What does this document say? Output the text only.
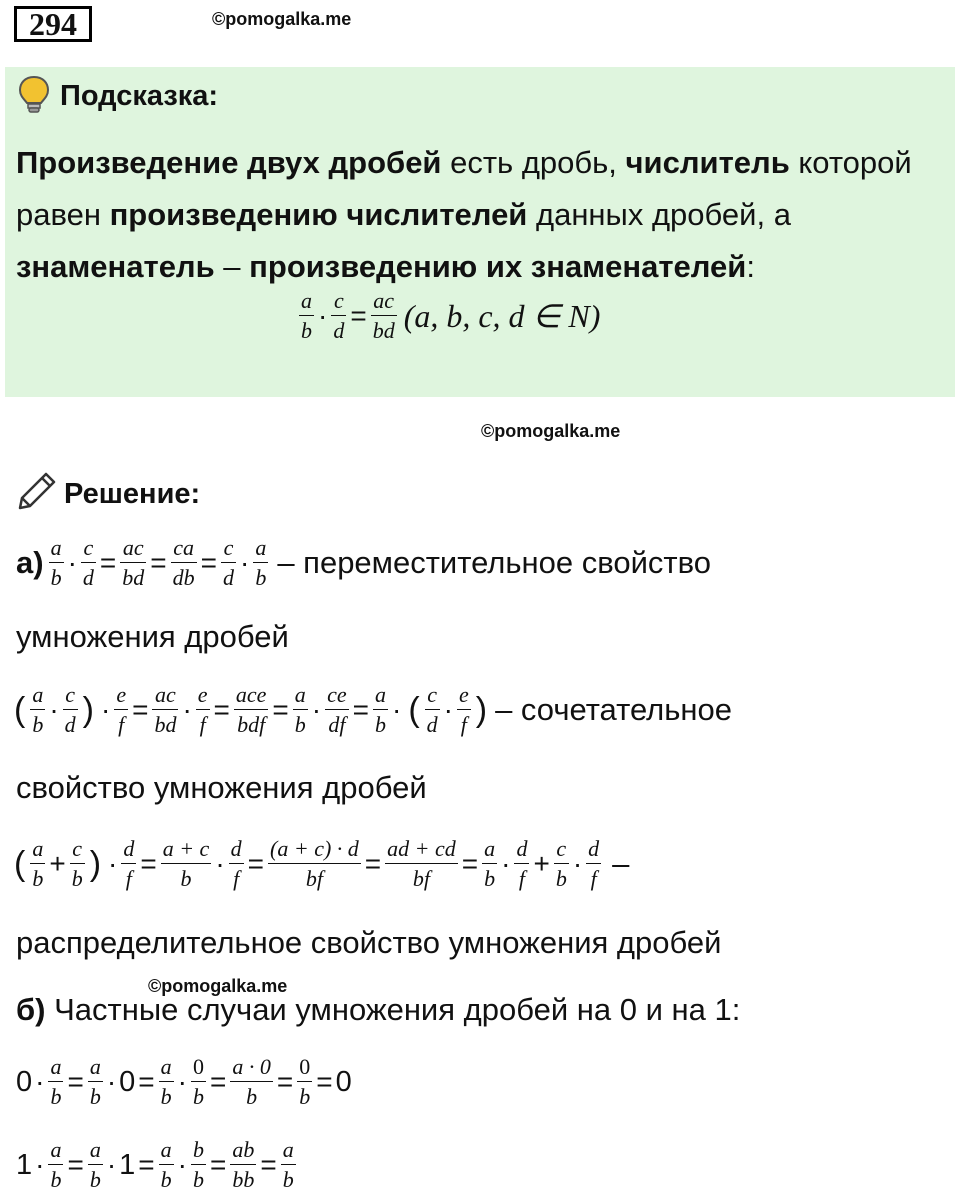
294	©pomogalka.me
Подсказка:
Произведение двух дробей есть дробь, числитель которой
равен произведению числителей данных дробей, а
знаменатель – произведению их знаменателей:
a
$b \cdot \frac{c}{d} = \frac{ac}{bd} (a$, b, c, d ∈ N)
©pomogalka.me
Решение:
а) a
$b \cdot \frac{c}{d} = \frac{ac}{bd} = \frac{ca}{db} = \frac{c}{d} \cdot a$
b – переместительное свойство
умножения дробей
( a
b · c
d ) · $\frac{e}{f} = \frac{ac}{bd} \cdot \frac{e}{f}$ = ace
bdf = $\frac{a}{b} \cdot \frac{ce}{df} = \frac{a}{b}$ · ( c
d · e
f ) – сочетательное
свойство умножения дробей
( a
$b + \frac{c}{b}$ ) · $\frac{d}{f} = \frac{a + c}{b} \cdot \frac{d}{f} = \frac{(a + c) \cdot d}{bf} = \frac{ad + cd}{bf} = \frac{a}{b} \cdot d$
$f + \frac{c}{b} \cdot d$
f –
распределительное свойство умножения дробей
©pomogalka.me
б) Частные случаи умножения дробей на 0 и на 1:
$0 \cdot \frac{a}{b} = \frac{a}{b} \cdot 0 = \frac{a}{b} \cdot \frac{0}{b} = \frac{a \cdot 0}{b} = \frac{0}{b} = 0$
$1 \cdot \frac{a}{b} = \frac{a}{b} \cdot 1 = \frac{a}{b} \cdot \frac{b}{b} = \frac{ab}{bb} = \frac{a}{b}$
